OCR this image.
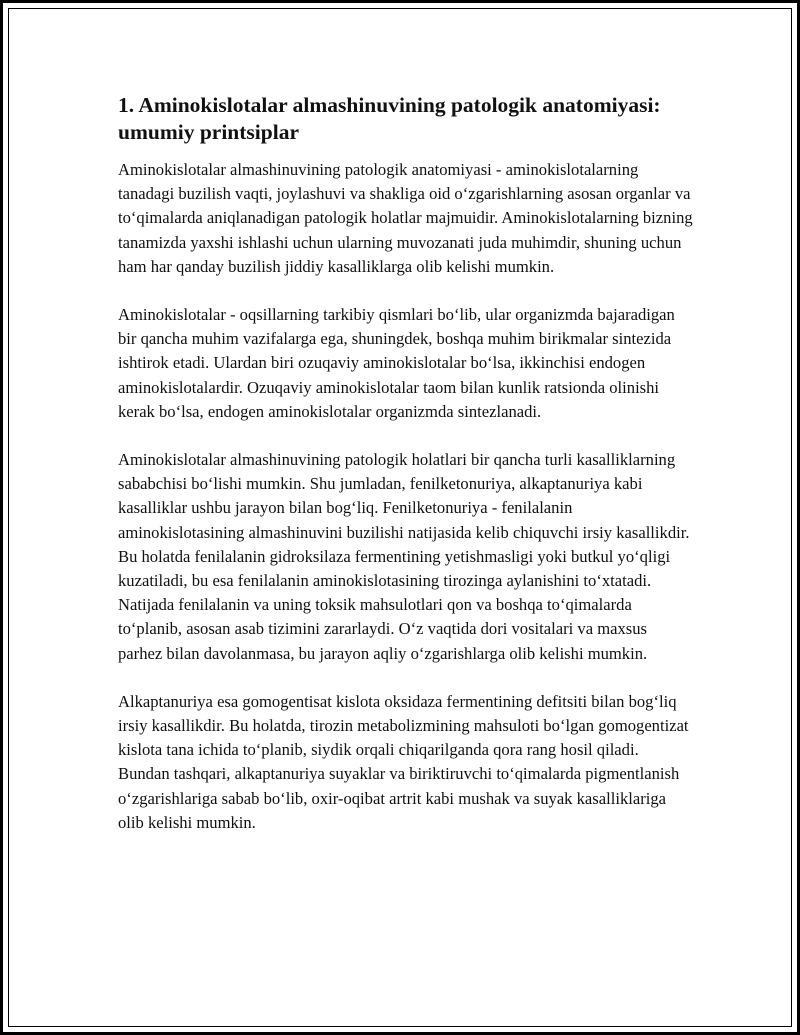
1. Aminokislotalar almashinuvining patologik anatomiyasi: umumiy printsiplar

Aminokislotalar almashinuvining patologik anatomiyasi - aminokislotalarning tanadagi buzilish vaqti, joylashuvi va shakliga oid o‘zgarishlarning asosan organlar va to‘qimalarda aniqlanadigan patologik holatlar majmuidir. Aminokislotalarning bizning tanamizda yaxshi ishlashi uchun ularning muvozanati juda muhimdir, shuning uchun ham har qanday buzilish jiddiy kasalliklarga olib kelishi mumkin.

Aminokislotalar - oqsillarning tarkibiy qismlari bo‘lib, ular organizmda bajaradigan bir qancha muhim vazifalarga ega, shuningdek, boshqa muhim birikmalar sintezida ishtirok etadi. Ulardan biri ozuqaviy aminokislotalar bo‘lsa, ikkinchisi endogen aminokislotalardir. Ozuqaviy aminokislotalar taom bilan kunlik ratsionda olinishi kerak bo‘lsa, endogen aminokislotalar organizmda sintezlanadi.

Aminokislotalar almashinuvining patologik holatlari bir qancha turli kasalliklarning sababchisi bo‘lishi mumkin. Shu jumladan, fenilketonuriya, alkaptanuriya kabi kasalliklar ushbu jarayon bilan bog‘liq. Fenilketonuriya - fenilalanin aminokislotasining almashinuvini buzilishi natijasida kelib chiquvchi irsiy kasallikdir. Bu holatda fenilalanin gidroksilaza fermentining yetishmasligi yoki butkul yo‘qligi kuzatiladi, bu esa fenilalanin aminokislotasining tirozinga aylanishini to‘xtatadi. Natijada fenilalanin va uning toksik mahsulotlari qon va boshqa to‘qimalarda to‘planib, asosan asab tizimini zararlaydi. O‘z vaqtida dori vositalari va maxsus parhez bilan davolanmasa, bu jarayon aqliy o‘zgarishlarga olib kelishi mumkin.

Alkaptanuriya esa gomogentisat kislota oksidaza fermentining defitsiti bilan bog‘liq irsiy kasallikdir. Bu holatda, tirozin metabolizmining mahsuloti bo‘lgan gomogentizat kislota tana ichida to‘planib, siydik orqali chiqarilganda qora rang hosil qiladi. Bundan tashqari, alkaptanuriya suyaklar va biriktiruvchi to‘qimalarda pigmentlanish o‘zgarishlariga sabab bo‘lib, oxir-oqibat artrit kabi mushak va suyak kasalliklariga olib kelishi mumkin.
